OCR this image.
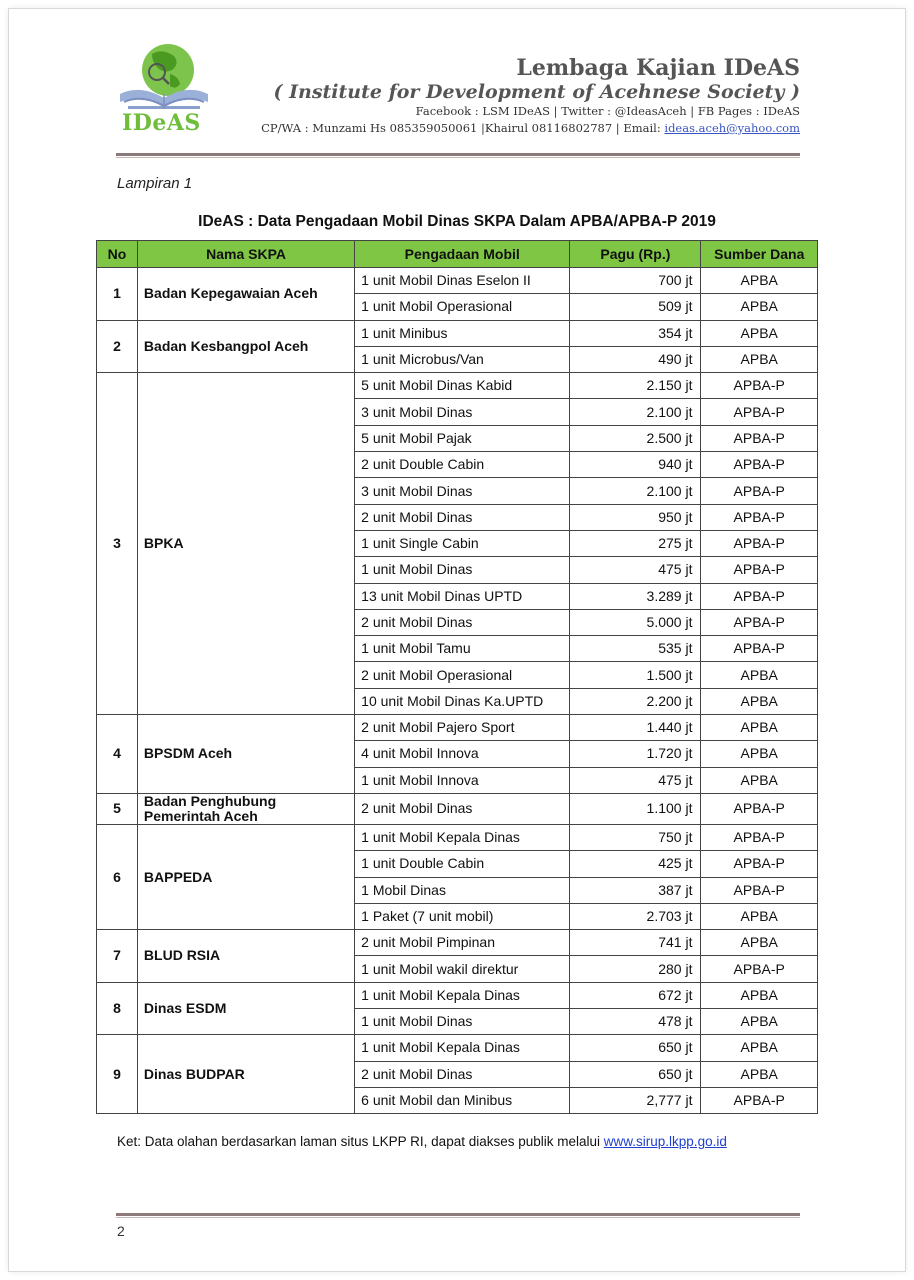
IDeAS
Lembaga Kajian IDeAS
( Institute for Development of Acehnese Society )
Facebook : LSM IDeAS | Twitter : @IdeasAceh | FB Pages : IDeAS
CP/WA : Munzami Hs 085359050061 |Khairul 08116802787 | Email: ideas.aceh@yahoo.com
Lampiran 1
IDeAS : Data Pengadaan Mobil Dinas SKPA Dalam APBA/APBA-P 2019
No	Nama SKPA	Pengadaan Mobil	Pagu (Rp.)	Sumber Dana
1	Badan Kepegawaian Aceh	1 unit Mobil Dinas Eselon II	700 jt	APBA
		1 unit Mobil Operasional	509 jt	APBA
2	Badan Kesbangpol Aceh	1 unit Minibus	354 jt	APBA
		1 unit Microbus/Van	490 jt	APBA
3	BPKA	5 unit Mobil Dinas Kabid	2.150 jt	APBA-P
		3 unit Mobil Dinas	2.100 jt	APBA-P
		5 unit Mobil Pajak	2.500 jt	APBA-P
		2 unit Double Cabin	940 jt	APBA-P
		3 unit Mobil Dinas	2.100 jt	APBA-P
		2 unit Mobil Dinas	950 jt	APBA-P
		1 unit Single Cabin	275 jt	APBA-P
		1 unit Mobil Dinas	475 jt	APBA-P
		13 unit Mobil Dinas UPTD	3.289 jt	APBA-P
		2 unit Mobil Dinas	5.000 jt	APBA-P
		1 unit Mobil Tamu	535 jt	APBA-P
		2 unit Mobil Operasional	1.500 jt	APBA
		10 unit Mobil Dinas Ka.UPTD	2.200 jt	APBA
4	BPSDM Aceh	2 unit Mobil Pajero Sport	1.440 jt	APBA
		4 unit Mobil Innova	1.720 jt	APBA
		1 unit Mobil Innova	475 jt	APBA
5	Badan Penghubung Pemerintah Aceh	2 unit Mobil Dinas	1.100 jt	APBA-P
6	BAPPEDA	1 unit Mobil Kepala Dinas	750 jt	APBA-P
		1 unit Double Cabin	425 jt	APBA-P
		1 Mobil Dinas	387 jt	APBA-P
		1 Paket (7 unit mobil)	2.703 jt	APBA
7	BLUD RSIA	2 unit Mobil Pimpinan	741 jt	APBA
		1 unit Mobil wakil direktur	280 jt	APBA-P
8	Dinas ESDM	1 unit Mobil Kepala Dinas	672 jt	APBA
		1 unit Mobil Dinas	478 jt	APBA
9	Dinas BUDPAR	1 unit Mobil Kepala Dinas	650 jt	APBA
		2 unit Mobil Dinas	650 jt	APBA
		6 unit Mobil dan Minibus	2,777 jt	APBA-P
Ket: Data olahan berdasarkan laman situs LKPP RI, dapat diakses publik melalui www.sirup.lkpp.go.id
2
